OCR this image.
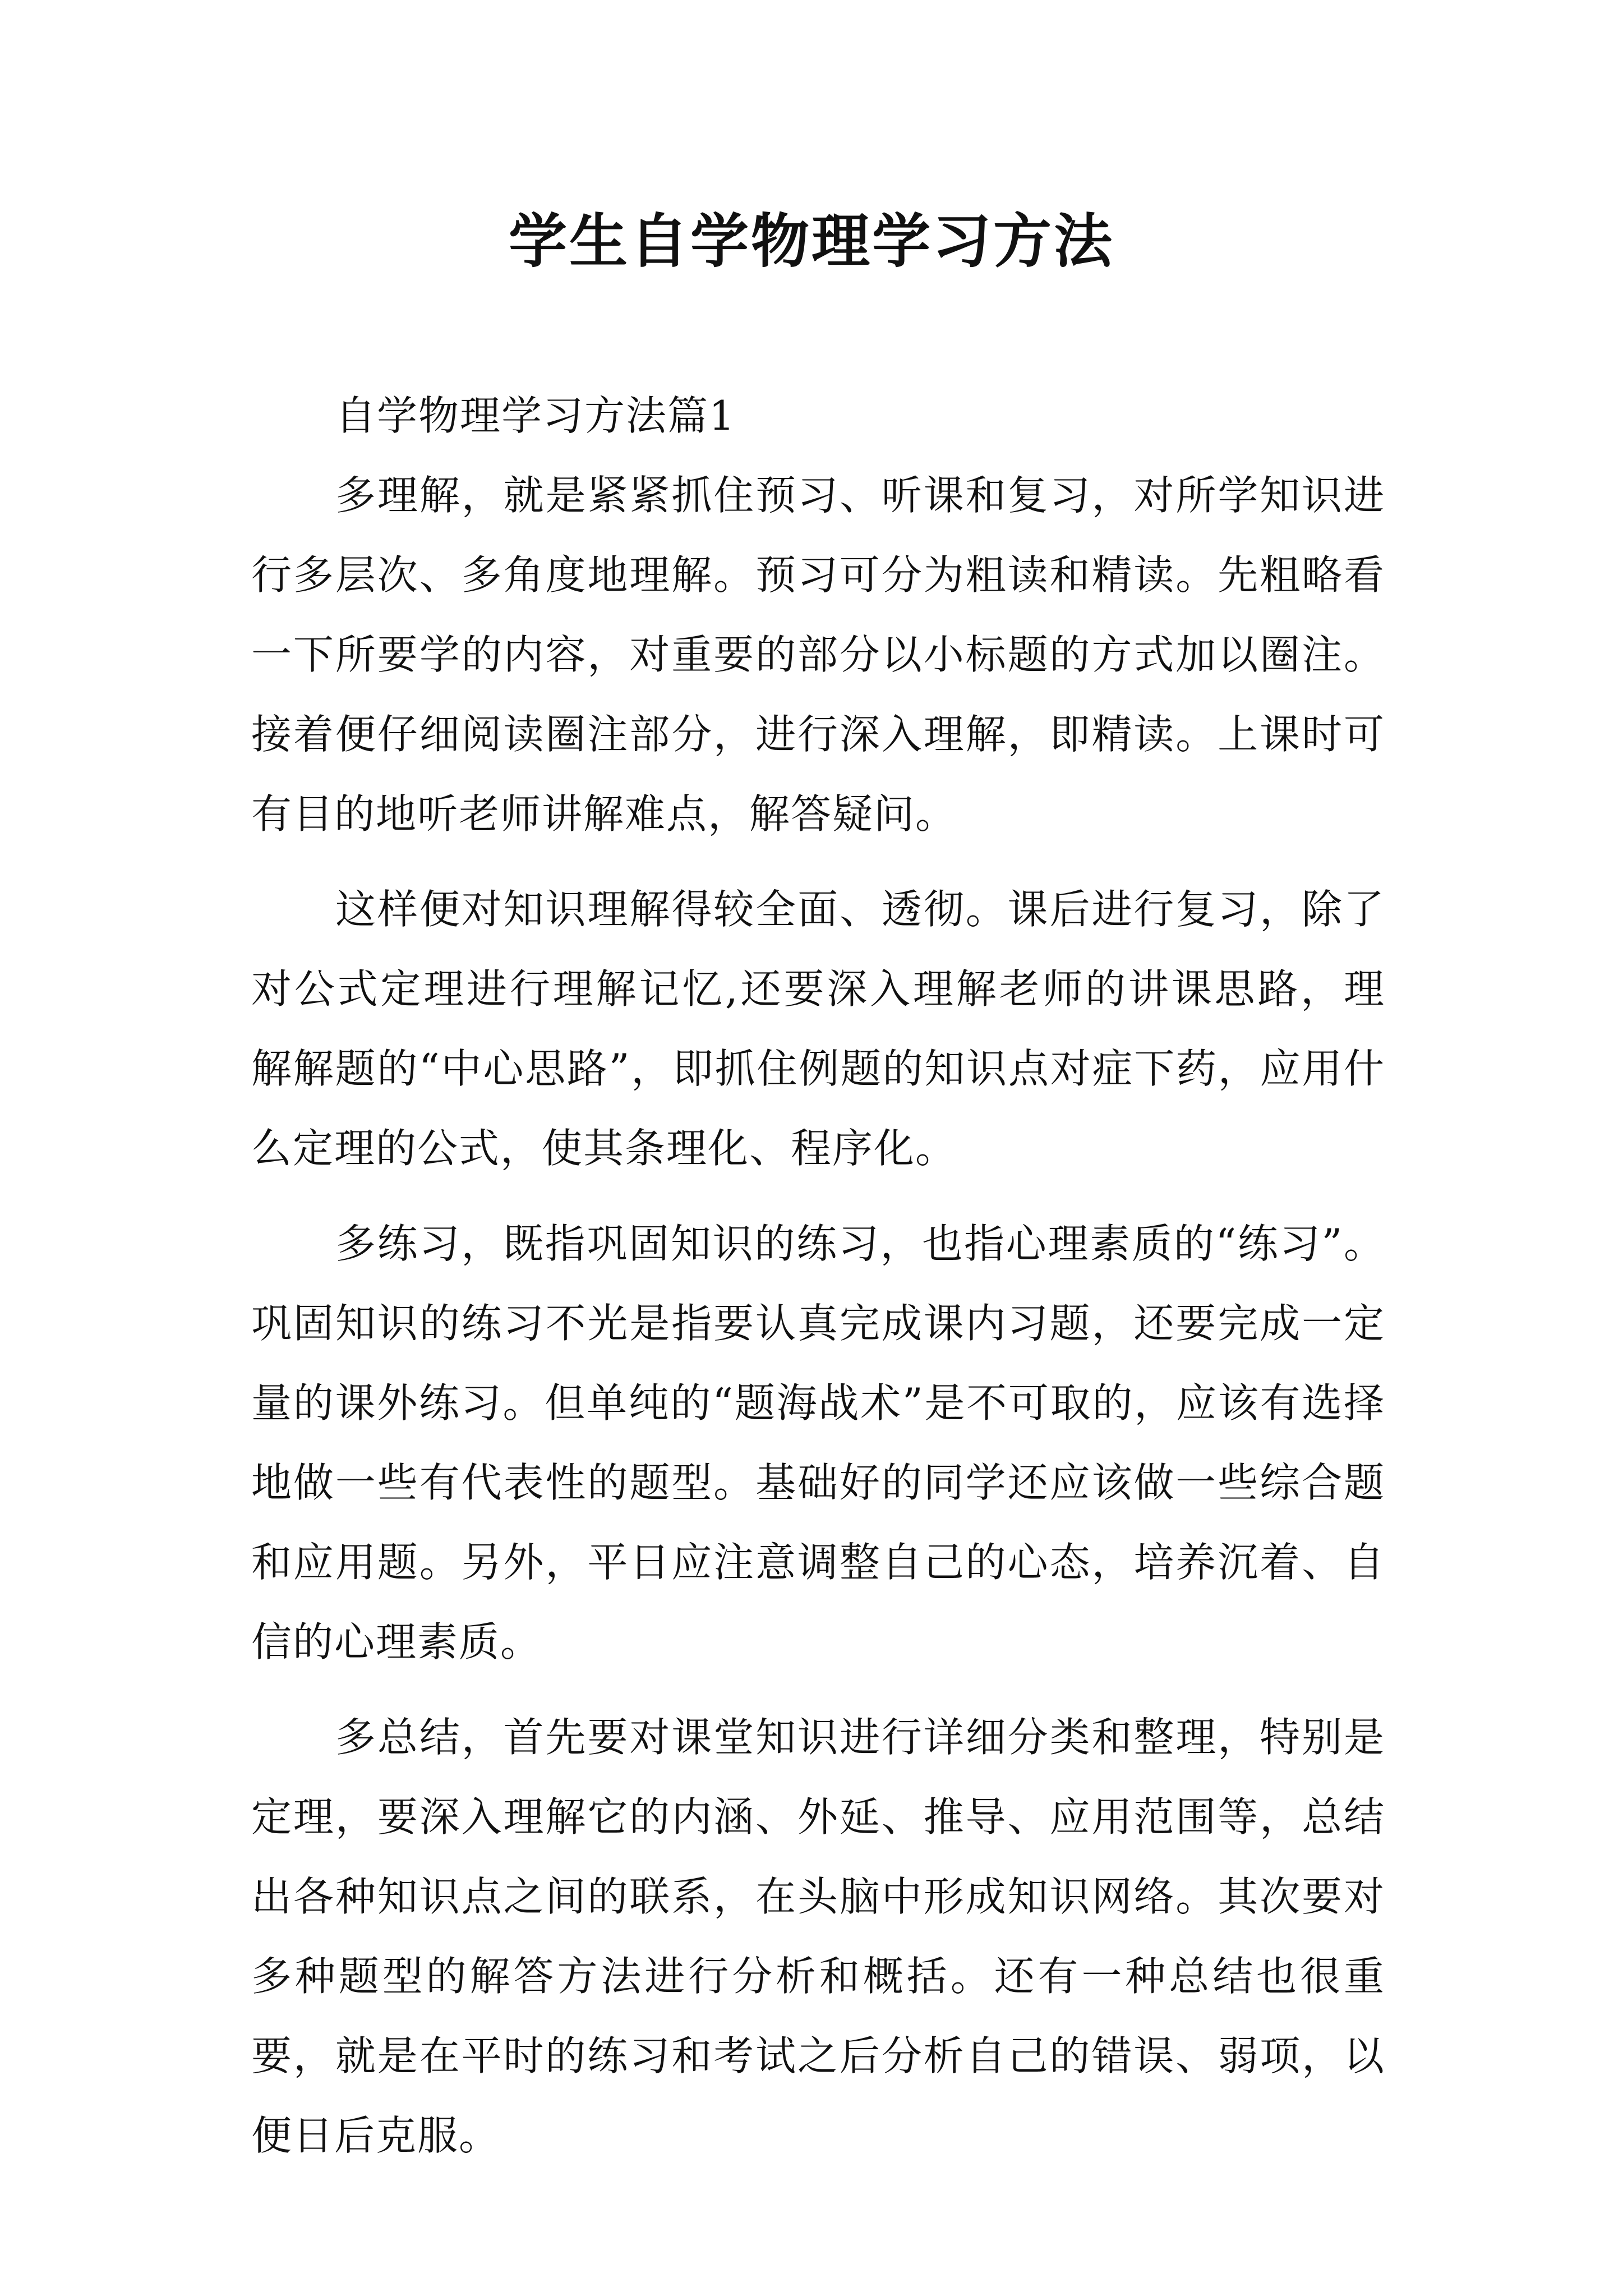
学生自学物理学习方法

自学物理学习方法篇1

多理解，就是紧紧抓住预习、听课和复习，对所学知识进行多层次、多角度地理解。预习可分为粗读和精读。先粗略看一下所要学的内容，对重要的部分以小标题的方式加以圈注。接着便仔细阅读圈注部分，进行深入理解，即精读。上课时可有目的地听老师讲解难点，解答疑问。

这样便对知识理解得较全面、透彻。课后进行复习，除了对公式定理进行理解记忆,还要深入理解老师的讲课思路，理解解题的“中心思路”，即抓住例题的知识点对症下药，应用什么定理的公式，使其条理化、程序化。

多练习，既指巩固知识的练习，也指心理素质的“练习”。巩固知识的练习不光是指要认真完成课内习题，还要完成一定量的课外练习。但单纯的“题海战术”是不可取的，应该有选择地做一些有代表性的题型。基础好的同学还应该做一些综合题和应用题。另外，平日应注意调整自己的心态，培养沉着、自信的心理素质。

多总结，首先要对课堂知识进行详细分类和整理，特别是定理，要深入理解它的内涵、外延、推导、应用范围等，总结出各种知识点之间的联系，在头脑中形成知识网络。其次要对多种题型的解答方法进行分析和概括。还有一种总结也很重要，就是在平时的练习和考试之后分析自己的错误、弱项，以便日后克服。
